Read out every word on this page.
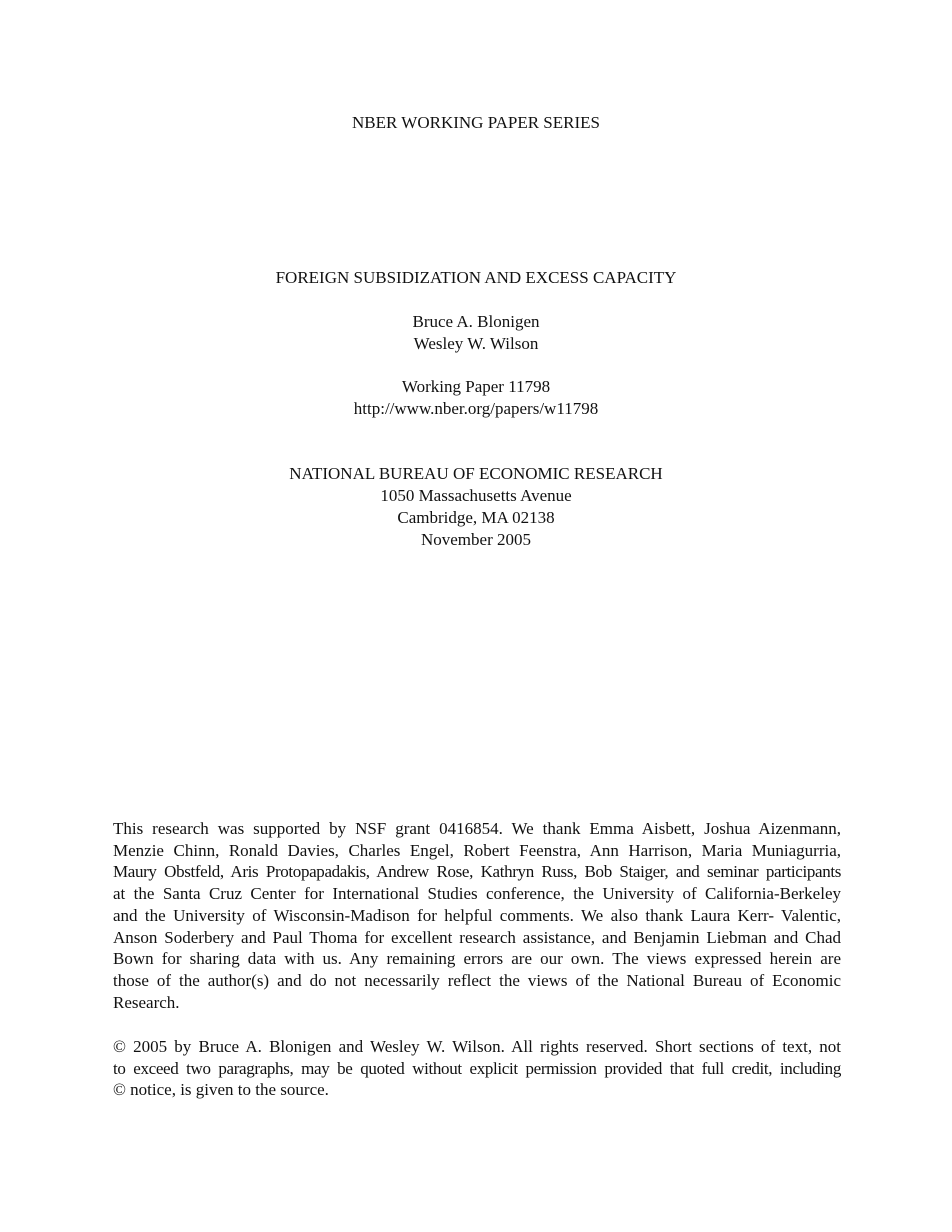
NBER WORKING PAPER SERIES
FOREIGN SUBSIDIZATION AND EXCESS CAPACITY
Bruce A. Blonigen
Wesley W. Wilson
Working Paper 11798
http://www.nber.org/papers/w11798
NATIONAL BUREAU OF ECONOMIC RESEARCH
1050 Massachusetts Avenue
Cambridge, MA 02138
November 2005
This research was supported by NSF grant 0416854. We thank Emma Aisbett, Joshua Aizenmann,
Menzie Chinn, Ronald Davies, Charles Engel, Robert Feenstra, Ann Harrison, Maria Muniagurria,
Maury Obstfeld, Aris Protopapadakis, Andrew Rose, Kathryn Russ, Bob Staiger, and seminar participants
at the Santa Cruz Center for International Studies conference, the University of California-Berkeley
and the University of Wisconsin-Madison for helpful comments. We also thank Laura Kerr- Valentic,
Anson Soderbery and Paul Thoma for excellent research assistance, and Benjamin Liebman and Chad
Bown for sharing data with us. Any remaining errors are our own. The views expressed herein are
those of the author(s) and do not necessarily reflect the views of the National Bureau of Economic
Research.
© 2005 by Bruce A. Blonigen and Wesley W. Wilson. All rights reserved. Short sections of text, not
to exceed two paragraphs, may be quoted without explicit permission provided that full credit, including
© notice, is given to the source.
